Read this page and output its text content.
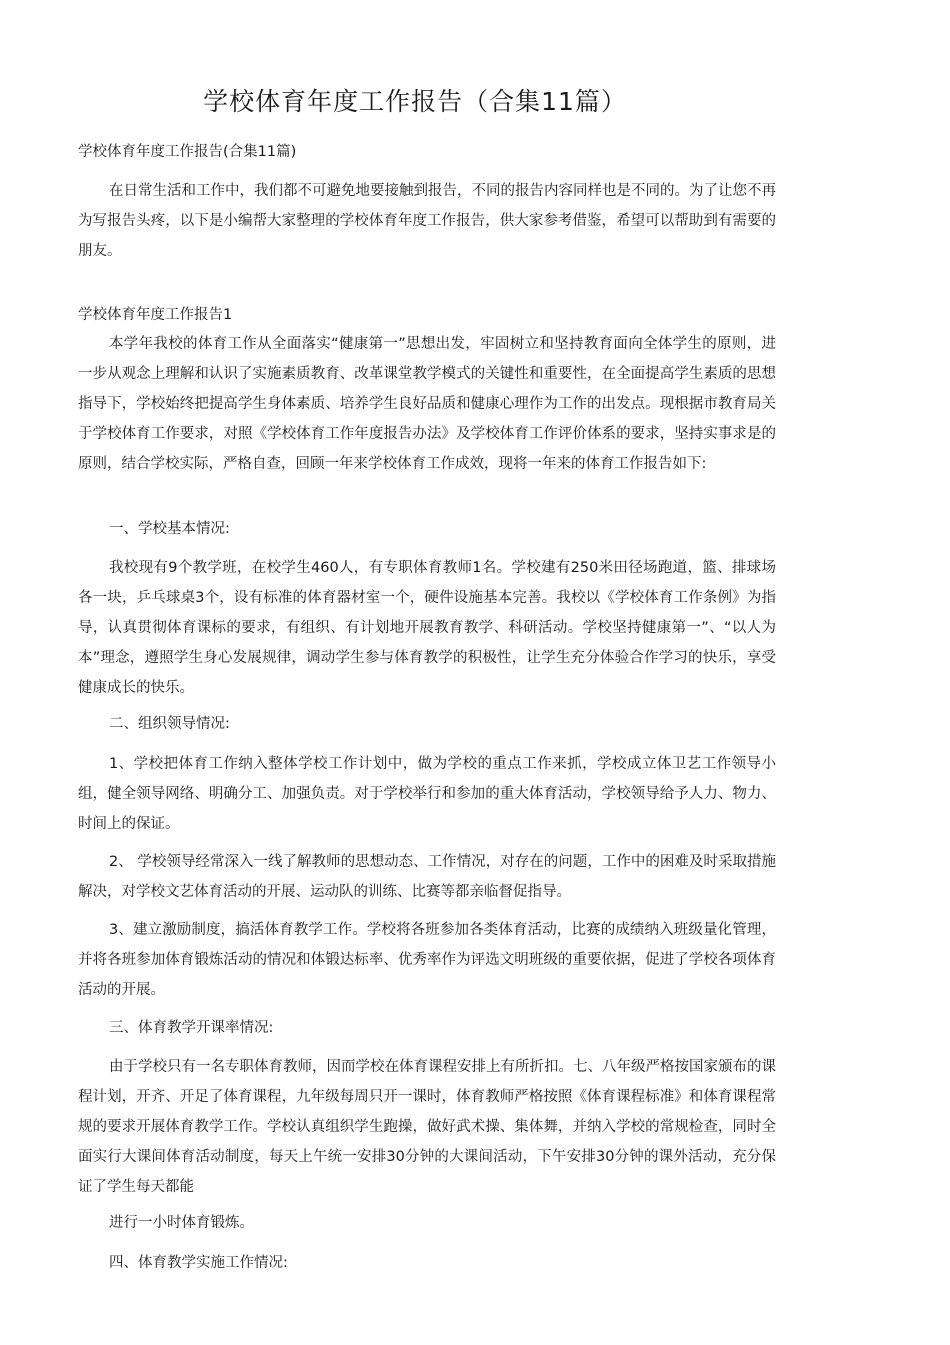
学校体育年度工作报告（合集11篇）

学校体育年度工作报告(合集11篇)

在日常生活和工作中，我们都不可避免地要接触到报告，不同的报告内容同样也是不同的。为了让您不再为写报告头疼，以下是小编帮大家整理的学校体育年度工作报告，供大家参考借鉴，希望可以帮助到有需要的朋友。

学校体育年度工作报告1

本学年我校的体育工作从全面落实“健康第一”思想出发，牢固树立和坚持教育面向全体学生的原则，进一步从观念上理解和认识了实施素质教育、改革课堂教学模式的关键性和重要性，在全面提高学生素质的思想指导下，学校始终把提高学生身体素质、培养学生良好品质和健康心理作为工作的出发点。现根据市教育局关于学校体育工作要求，对照《学校体育工作年度报告办法》及学校体育工作评价体系的要求，坚持实事求是的原则，结合学校实际，严格自查，回顾一年来学校体育工作成效，现将一年来的体育工作报告如下:

一、学校基本情况:

我校现有9个教学班，在校学生460人，有专职体育教师1名。学校建有250米田径场跑道，篮、排球场各一块，乒乓球桌3个，设有标准的体育器材室一个，硬件设施基本完善。我校以《学校体育工作条例》为指导，认真贯彻体育课标的要求，有组织、有计划地开展教育教学、科研活动。学校坚持健康第一”、“以人为本”理念，遵照学生身心发展规律，调动学生参与体育教学的积极性，让学生充分体验合作学习的快乐，享受健康成长的快乐。

二、组织领导情况:

1、学校把体育工作纳入整体学校工作计划中，做为学校的重点工作来抓，学校成立体卫艺工作领导小组，健全领导网络、明确分工、加强负责。对于学校举行和参加的重大体育活动，学校领导给予人力、物力、时间上的保证。

2、 学校领导经常深入一线了解教师的思想动态、工作情况，对存在的问题，工作中的困难及时采取措施解决，对学校文艺体育活动的开展、运动队的训练、比赛等都亲临督促指导。

3、建立激励制度，搞活体育教学工作。学校将各班参加各类体育活动，比赛的成绩纳入班级量化管理，并将各班参加体育锻炼活动的情况和体锻达标率、优秀率作为评选文明班级的重要依据，促进了学校各项体育活动的开展。

三、体育教学开课率情况:

由于学校只有一名专职体育教师，因而学校在体育课程安排上有所折扣。七、八年级严格按国家颁布的课程计划，开齐、开足了体育课程，九年级每周只开一课时，体育教师严格按照《体育课程标准》和体育课程常规的要求开展体育教学工作。学校认真组织学生跑操，做好武术操、集体舞，并纳入学校的常规检查，同时全面实行大课间体育活动制度，每天上午统一安排30分钟的大课间活动，下午安排30分钟的课外活动，充分保证了学生每天都能

进行一小时体育锻炼。

四、体育教学实施工作情况:
